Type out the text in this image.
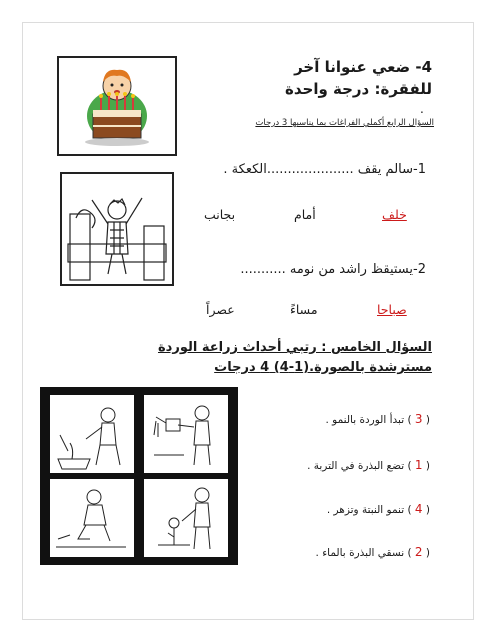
4- ضعي عنوانا آخر للفقرة: درجة واحدة
.
السؤال الرابع أكملي الفراغات بما يناسبها 3 درجات
1-سالم يقف .....................الكعكة .
خلف
أمام
بجانب
2-يستيقظ راشد من نومه ...........
صباحا
مساءً
عصراً
السؤال الخامس : رتبي أحداث زراعة الوردة مسترشدة بالصورة.(1-4) 4 درجات
( 3 ) تبدأ الوردة بالنمو .
( 1 ) تضع البذرة في التربة .
( 4 ) تنمو النبتة وتزهر .
( 2 ) نسقي البذرة بالماء .
